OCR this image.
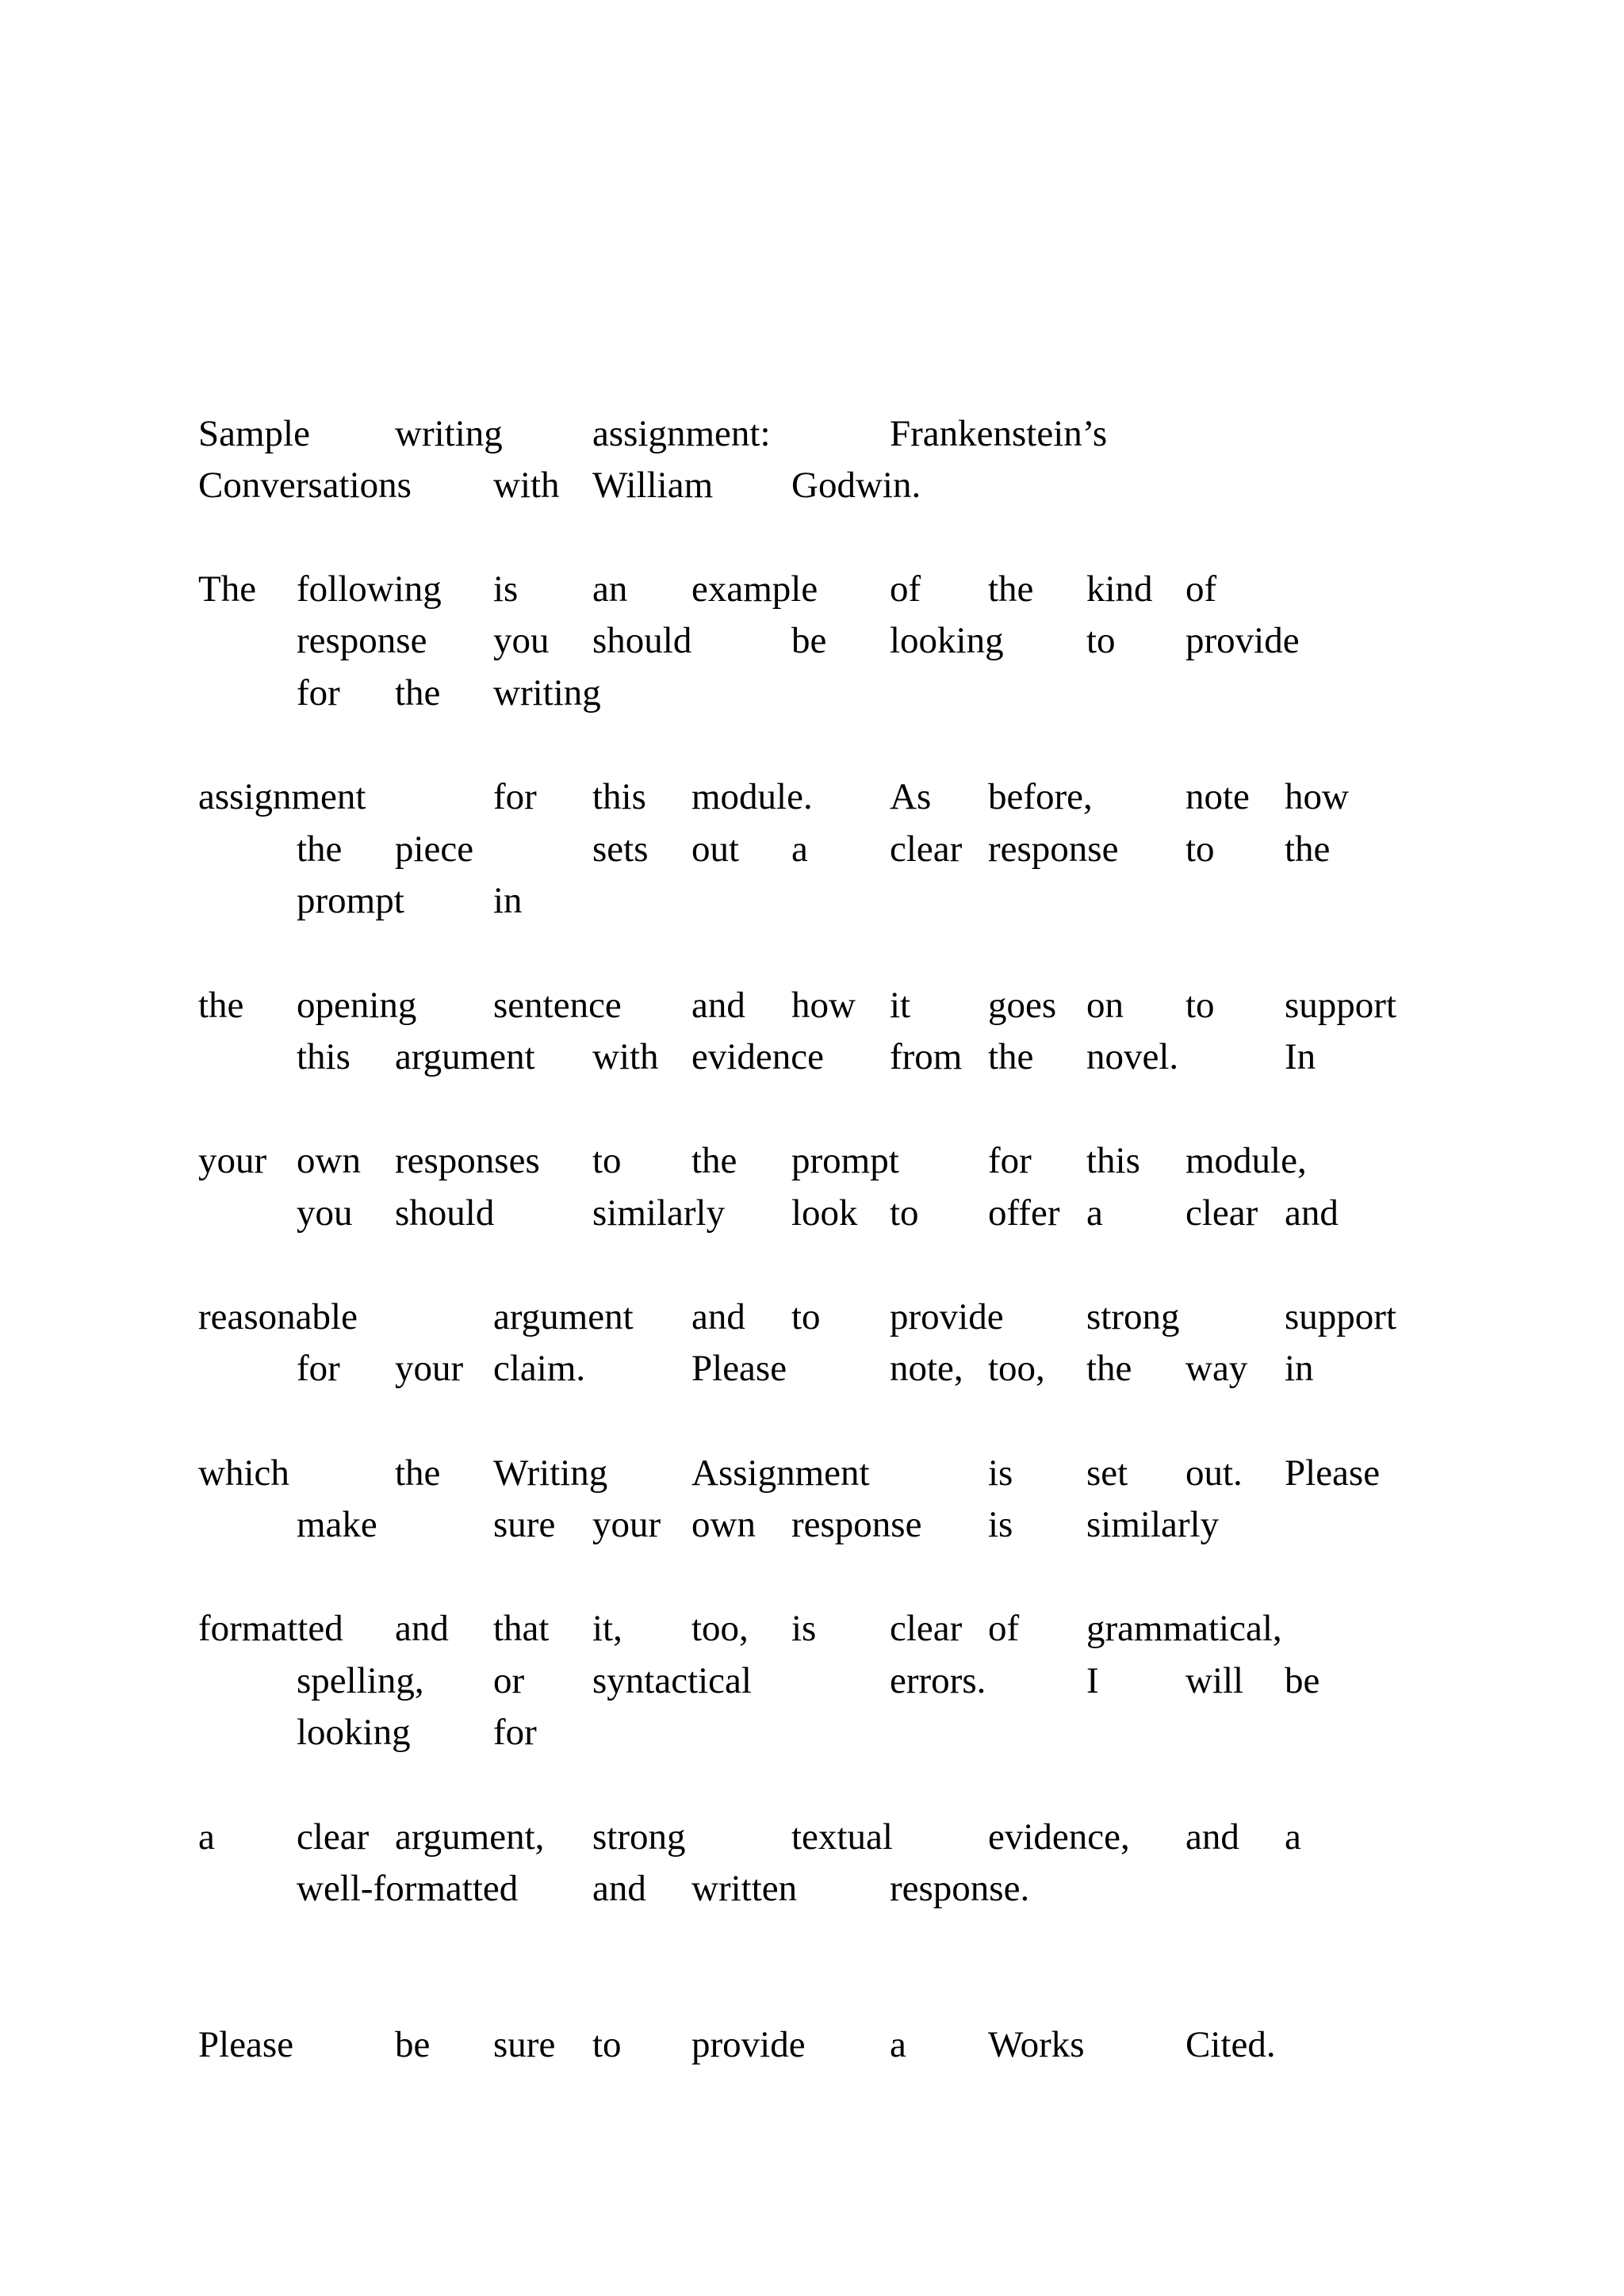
Sample writing assignment:	Frankenstein’s
Conversations with William Godwin.
The following is an example of the kind of
response you should	be looking to provide
for the writing
assignment	for this module. As before, note how
the piece	sets out a clear response to the
prompt in
the opening sentence and how it goes on to support
this argument with evidence from the novel.	In
your own responses to the prompt for this module,
you should	similarly look to offer a clear and
reasonable	argument and to provide strong	support
for your claim.	Please	note, too, the way in
which	the Writing Assignment	is set out. Please
make	sure your own response is similarly
formatted and that it, too, is clear of grammatical,
spelling, or syntactical	errors.	I will be
looking for
a clear argument, strong	textual	evidence, and a
well-formatted and written response.
Please	be sure to provide a Works	Cited.
